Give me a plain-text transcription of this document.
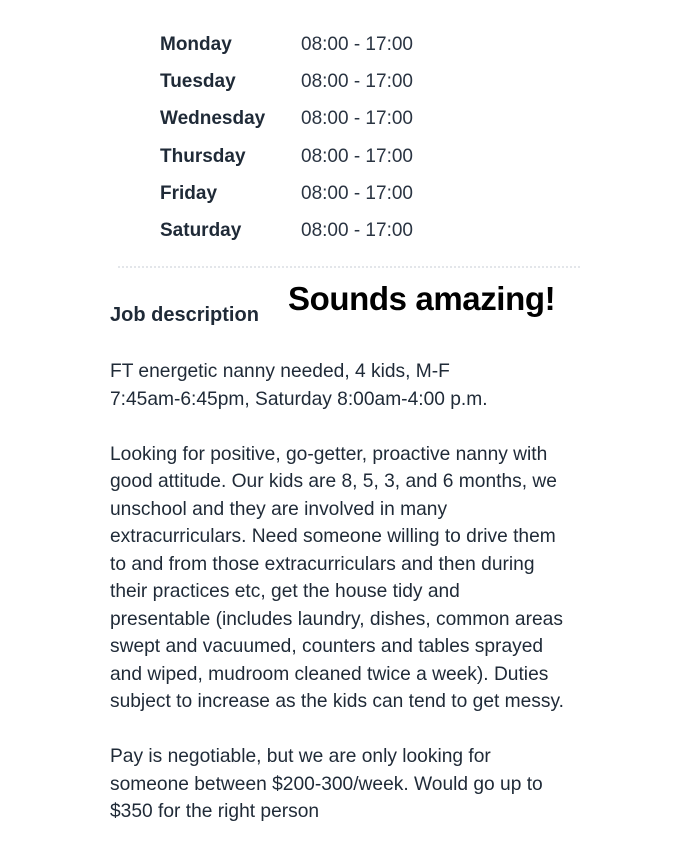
Monday	08:00 - 17:00
Tuesday	08:00 - 17:00
Wednesday	08:00 - 17:00
Thursday	08:00 - 17:00
Friday	08:00 - 17:00
Saturday	08:00 - 17:00
Job description Sounds amazing!

FT energetic nanny needed, 4 kids, M-F
7:45am-6:45pm, Saturday 8:00am-4:00 p.m.

Looking for positive, go-getter, proactive nanny with
good attitude. Our kids are 8, 5, 3, and 6 months, we
unschool and they are involved in many
extracurriculars. Need someone willing to drive them
to and from those extracurriculars and then during
their practices etc, get the house tidy and
presentable (includes laundry, dishes, common areas
swept and vacuumed, counters and tables sprayed
and wiped, mudroom cleaned twice a week). Duties
subject to increase as the kids can tend to get messy.

Pay is negotiable, but we are only looking for
someone between $200-300/week. Would go up to
$350 for the right person
